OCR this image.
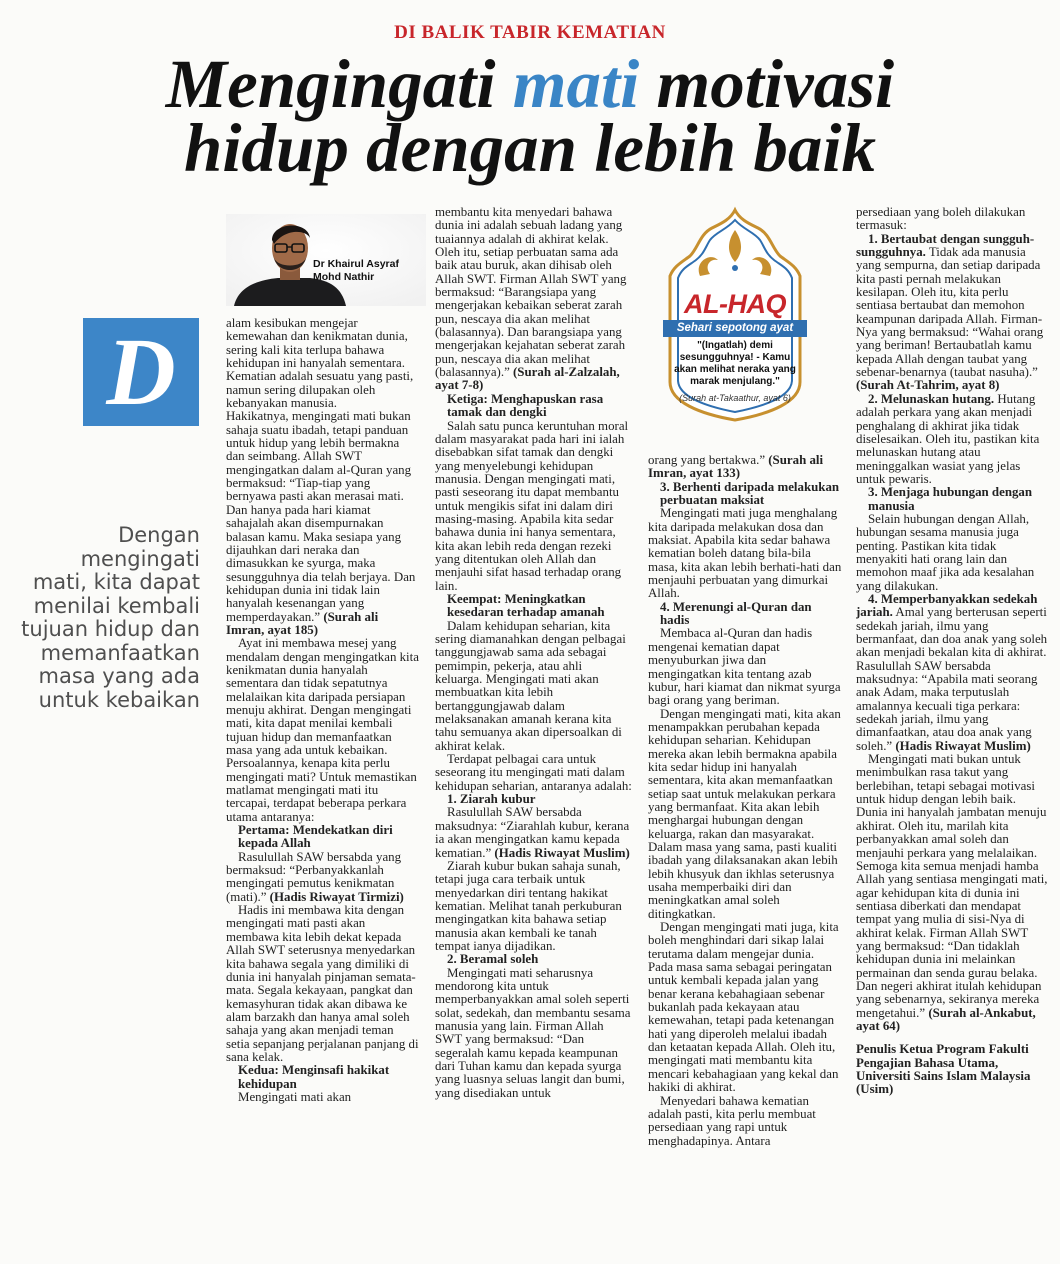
DI BALIK TABIR KEMATIAN
Mengingati mati motivasi
hidup dengan lebih baik
Dr Khairul Asyraf
Mohd Nathir
D
Dengan mengingati mati, kita dapat menilai kembali tujuan hidup dan memanfaatkan masa yang ada untuk kebaikan

alam kesibukan mengejar kemewahan dan kenikmatan dunia, sering kali kita terlupa bahawa kehidupan ini hanyalah sementara. Kematian adalah sesuatu yang pasti, namun sering dilupakan oleh kebanyakan manusia.

Hakikatnya, mengingati mati bukan sahaja suatu ibadah, tetapi panduan untuk hidup yang lebih bermakna dan seimbang. Allah SWT mengingatkan dalam al-Quran yang bermaksud: “Tiap-tiap yang bernyawa pasti akan merasai mati. Dan hanya pada hari kiamat sahajalah akan disempurnakan balasan kamu. Maka sesiapa yang dijauhkan dari neraka dan dimasukkan ke syurga, maka sesungguhnya dia telah berjaya. Dan kehidupan dunia ini tidak lain hanyalah kesenangan yang memperdayakan.” (Surah ali Imran, ayat 185)

Ayat ini membawa mesej yang mendalam dengan mengingatkan kita kenikmatan dunia hanyalah sementara dan tidak sepatutnya melalaikan kita daripada persiapan menuju akhirat. Dengan mengingati mati, kita dapat menilai kembali tujuan hidup dan memanfaatkan masa yang ada untuk kebaikan.

Persoalannya, kenapa kita perlu mengingati mati? Untuk memastikan matlamat mengingati mati itu tercapai, terdapat beberapa perkara utama antaranya:

Pertama: Mendekatkan diri kepada Allah

Rasulullah SAW bersabda yang bermaksud: “Perbanyakkanlah mengingati pemutus kenikmatan (mati).” (Hadis Riwayat Tirmizi)

Hadis ini membawa kita dengan mengingati mati pasti akan membawa kita lebih dekat kepada Allah SWT seterusnya menyedarkan kita bahawa segala yang dimiliki di dunia ini hanyalah pinjaman semata-mata. Segala kekayaan, pangkat dan kemasyhuran tidak akan dibawa ke alam barzakh dan hanya amal soleh sahaja yang akan menjadi teman setia sepanjang perjalanan panjang di sana kelak.

Kedua: Menginsafi hakikat kehidupan

Mengingati mati akan

membantu kita menyedari bahawa dunia ini adalah sebuah ladang yang tuaiannya adalah di akhirat kelak. Oleh itu, setiap perbuatan sama ada baik atau buruk, akan dihisab oleh Allah SWT. Firman Allah SWT yang bermaksud: “Barangsiapa yang mengerjakan kebaikan seberat zarah pun, nescaya dia akan melihat (balasannya). Dan barangsiapa yang mengerjakan kejahatan seberat zarah pun, nescaya dia akan melihat (balasannya).” (Surah al-Zalzalah, ayat 7-8)

Ketiga: Menghapuskan rasa tamak dan dengki

Salah satu punca keruntuhan moral dalam masyarakat pada hari ini ialah disebabkan sifat tamak dan dengki yang menyelebungi kehidupan manusia. Dengan mengingati mati, pasti seseorang itu dapat membantu untuk mengikis sifat ini dalam diri masing-masing. Apabila kita sedar bahawa dunia ini hanya sementara, kita akan lebih reda dengan rezeki yang ditentukan oleh Allah dan menjauhi sifat hasad terhadap orang lain.

Keempat: Meningkatkan kesedaran terhadap amanah

Dalam kehidupan seharian, kita sering diamanahkan dengan pelbagai tanggungjawab sama ada sebagai pemimpin, pekerja, atau ahli keluarga. Mengingati mati akan membuatkan kita lebih bertanggungjawab dalam melaksanakan amanah kerana kita tahu semuanya akan dipersoalkan di akhirat kelak.

Terdapat pelbagai cara untuk seseorang itu mengingati mati dalam kehidupan seharian, antaranya adalah:

1. Ziarah kubur

Rasulullah SAW bersabda maksudnya: “Ziarahlah kubur, kerana ia akan mengingatkan kamu kepada kematian.” (Hadis Riwayat Muslim)

Ziarah kubur bukan sahaja sunah, tetapi juga cara terbaik untuk menyedarkan diri tentang hakikat kematian. Melihat tanah perkuburan mengingatkan kita bahawa setiap manusia akan kembali ke tanah tempat ianya dijadikan.

2. Beramal soleh

Mengingati mati seharusnya mendorong kita untuk memperbanyakkan amal soleh seperti solat, sedekah, dan membantu sesama manusia yang lain. Firman Allah SWT yang bermaksud: “Dan segeralah kamu kepada keampunan dari Tuhan kamu dan kepada syurga yang luasnya seluas langit dan bumi, yang disediakan untuk

AL-HAQ
Sehari sepotong ayat
"(Ingatlah) demi sesungguhnya! - Kamu akan melihat neraka yang marak menjulang."
(Surah at-Takaathur, ayat 6)

orang yang bertakwa.” (Surah ali Imran, ayat 133)

3. Berhenti daripada melakukan perbuatan maksiat

Mengingati mati juga menghalang kita daripada melakukan dosa dan maksiat. Apabila kita sedar bahawa kematian boleh datang bila-bila masa, kita akan lebih berhati-hati dan menjauhi perbuatan yang dimurkai Allah.

4. Merenungi al-Quran dan hadis

Membaca al-Quran dan hadis mengenai kematian dapat menyuburkan jiwa dan mengingatkan kita tentang azab kubur, hari kiamat dan nikmat syurga bagi orang yang beriman.

Dengan mengingati mati, kita akan menampakkan perubahan kepada kehidupan seharian. Kehidupan mereka akan lebih bermakna apabila kita sedar hidup ini hanyalah sementara, kita akan memanfaatkan setiap saat untuk melakukan perkara yang bermanfaat. Kita akan lebih menghargai hubungan dengan keluarga, rakan dan masyarakat. Dalam masa yang sama, pasti kualiti ibadah yang dilaksanakan akan lebih lebih khusyuk dan ikhlas seterusnya usaha memperbaiki diri dan meningkatkan amal soleh ditingkatkan.

Dengan mengingati mati juga, kita boleh menghindari dari sikap lalai terutama dalam mengejar dunia. Pada masa sama sebagai peringatan untuk kembali kepada jalan yang benar kerana kebahagiaan sebenar bukanlah pada kekayaan atau kemewahan, tetapi pada ketenangan hati yang diperoleh melalui ibadah dan ketaatan kepada Allah. Oleh itu, mengingati mati membantu kita mencari kebahagiaan yang kekal dan hakiki di akhirat.

Menyedari bahawa kematian adalah pasti, kita perlu membuat persediaan yang rapi untuk menghadapinya. Antara

persediaan yang boleh dilakukan termasuk:

1. Bertaubat dengan sungguh-sungguhnya. Tidak ada manusia yang sempurna, dan setiap daripada kita pasti pernah melakukan kesilapan. Oleh itu, kita perlu sentiasa bertaubat dan memohon keampunan daripada Allah. Firman-Nya yang bermaksud: “Wahai orang yang beriman! Bertaubatlah kamu kepada Allah dengan taubat yang sebenar-benarnya (taubat nasuha).” (Surah At-Tahrim, ayat 8)

2. Melunaskan hutang. Hutang adalah perkara yang akan menjadi penghalang di akhirat jika tidak diselesaikan. Oleh itu, pastikan kita melunaskan hutang atau meninggalkan wasiat yang jelas untuk pewaris.

3. Menjaga hubungan dengan manusia

Selain hubungan dengan Allah, hubungan sesama manusia juga penting. Pastikan kita tidak menyakiti hati orang lain dan memohon maaf jika ada kesalahan yang dilakukan.

4. Memperbanyakkan sedekah jariah. Amal yang berterusan seperti sedekah jariah, ilmu yang bermanfaat, dan doa anak yang soleh akan menjadi bekalan kita di akhirat. Rasulullah SAW bersabda maksudnya: “Apabila mati seorang anak Adam, maka terputuslah amalannya kecuali tiga perkara: sedekah jariah, ilmu yang dimanfaatkan, atau doa anak yang soleh.” (Hadis Riwayat Muslim)

Mengingati mati bukan untuk menimbulkan rasa takut yang berlebihan, tetapi sebagai motivasi untuk hidup dengan lebih baik. Dunia ini hanyalah jambatan menuju akhirat. Oleh itu, marilah kita perbanyakkan amal soleh dan menjauhi perkara yang melalaikan. Semoga kita semua menjadi hamba Allah yang sentiasa mengingati mati, agar kehidupan kita di dunia ini sentiasa diberkati dan mendapat tempat yang mulia di sisi-Nya di akhirat kelak. Firman Allah SWT yang bermaksud: “Dan tidaklah kehidupan dunia ini melainkan permainan dan senda gurau belaka. Dan negeri akhirat itulah kehidupan yang sebenarnya, sekiranya mereka mengetahui.” (Surah al-Ankabut, ayat 64)

Penulis Ketua Program Fakulti Pengajian Bahasa Utama, Universiti Sains Islam Malaysia (Usim)
